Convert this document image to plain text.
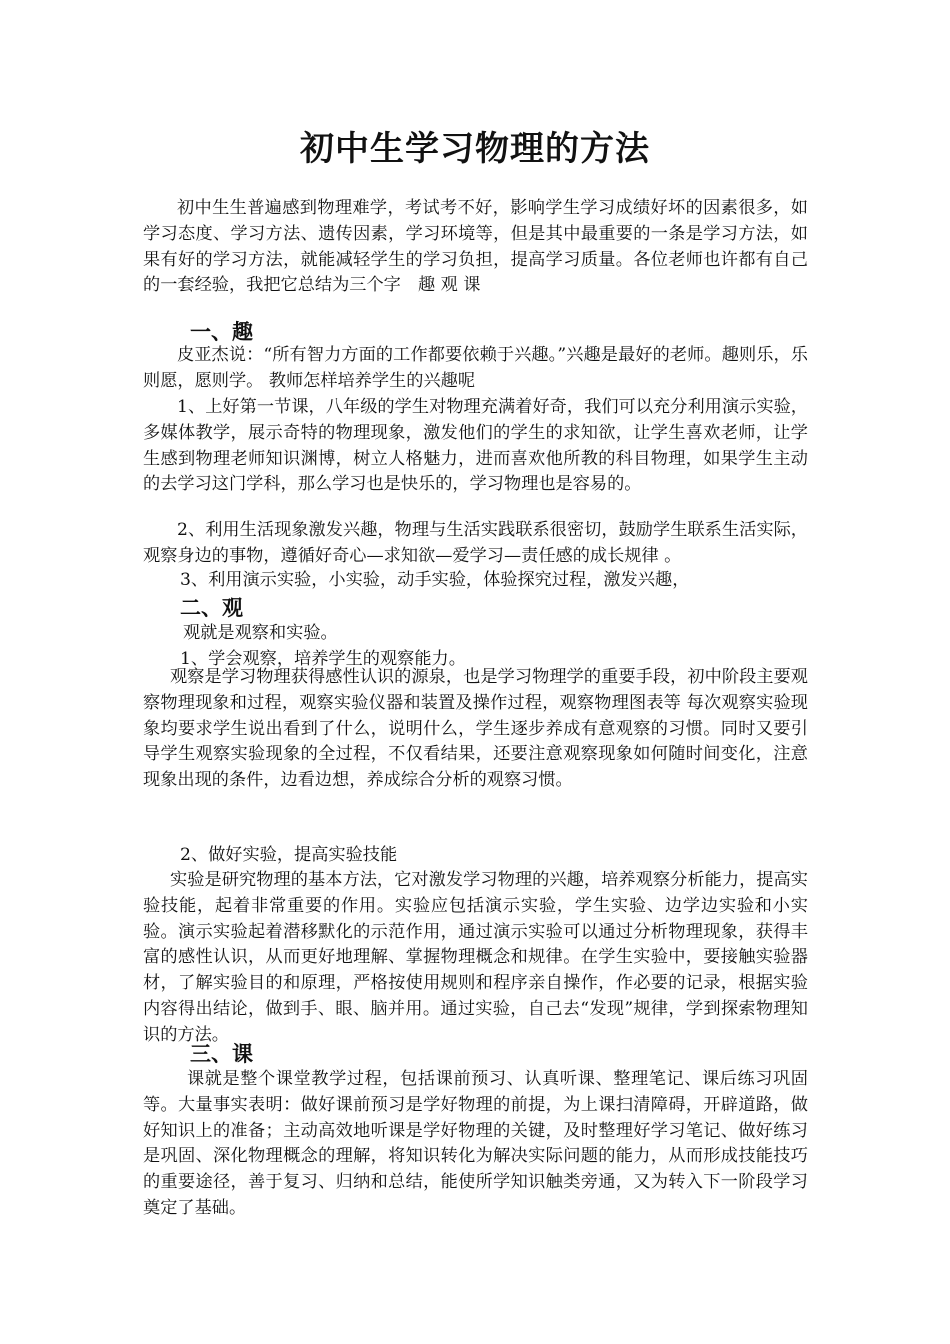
初中生学习物理的方法

初中生生普遍感到物理难学，考试考不好，影响学生学习成绩好坏的因素很多，如学习态度、学习方法、遗传因素，学习环境等，但是其中最重要的一条是学习方法，如果有好的学习方法，就能减轻学生的学习负担，提高学习质量。各位老师也许都有自己的一套经验，我把它总结为三个字　趣 观 课

一、趣

皮亚杰说：“所有智力方面的工作都要依赖于兴趣。”兴趣是最好的老师。趣则乐，乐则愿，愿则学。 教师怎样培养学生的兴趣呢

1、上好第一节课，八年级的学生对物理充满着好奇，我们可以充分利用演示实验，多媒体教学，展示奇特的物理现象，激发他们的学生的求知欲，让学生喜欢老师，让学生感到物理老师知识渊博，树立人格魅力，进而喜欢他所教的科目物理，如果学生主动的去学习这门学科，那么学习也是快乐的，学习物理也是容易的。

2、利用生活现象激发兴趣，物理与生活实践联系很密切，鼓励学生联系生活实际，观察身边的事物，遵循好奇心—求知欲—爱学习—责任感的成长规律 。

3、利用演示实验，小实验，动手实验，体验探究过程，激发兴趣，
二、观
观就是观察和实验。
1、学会观察，培养学生的观察能力。

观察是学习物理获得感性认识的源泉，也是学习物理学的重要手段，初中阶段主要观察物理现象和过程，观察实验仪器和装置及操作过程，观察物理图表等 每次观察实验现象均要求学生说出看到了什么，说明什么，学生逐步养成有意观察的习惯。同时又要引导学生观察实验现象的全过程，不仅看结果，还要注意观察现象如何随时间变化，注意现象出现的条件，边看边想，养成综合分析的观察习惯。

2、做好实验，提高实验技能

实验是研究物理的基本方法，它对激发学习物理的兴趣，培养观察分析能力，提高实验技能，起着非常重要的作用。实验应包括演示实验，学生实验、边学边实验和小实验。演示实验起着潜移默化的示范作用，通过演示实验可以通过分析物理现象，获得丰富的感性认识，从而更好地理解、掌握物理概念和规律。在学生实验中，要接触实验器材，了解实验目的和原理，严格按使用规则和程序亲自操作，作必要的记录，根据实验内容得出结论，做到手、眼、脑并用。通过实验，自己去“发现”规律，学到探索物理知识的方法。

三、课

课就是整个课堂教学过程，包括课前预习、认真听课、整理笔记、课后练习巩固等。大量事实表明：做好课前预习是学好物理的前提，为上课扫清障碍，开辟道路，做好知识上的准备；主动高效地听课是学好物理的关键，及时整理好学习笔记、做好练习是巩固、深化物理概念的理解，将知识转化为解决实际问题的能力，从而形成技能技巧的重要途径，善于复习、归纳和总结，能使所学知识触类旁通，又为转入下一阶段学习奠定了基础。
